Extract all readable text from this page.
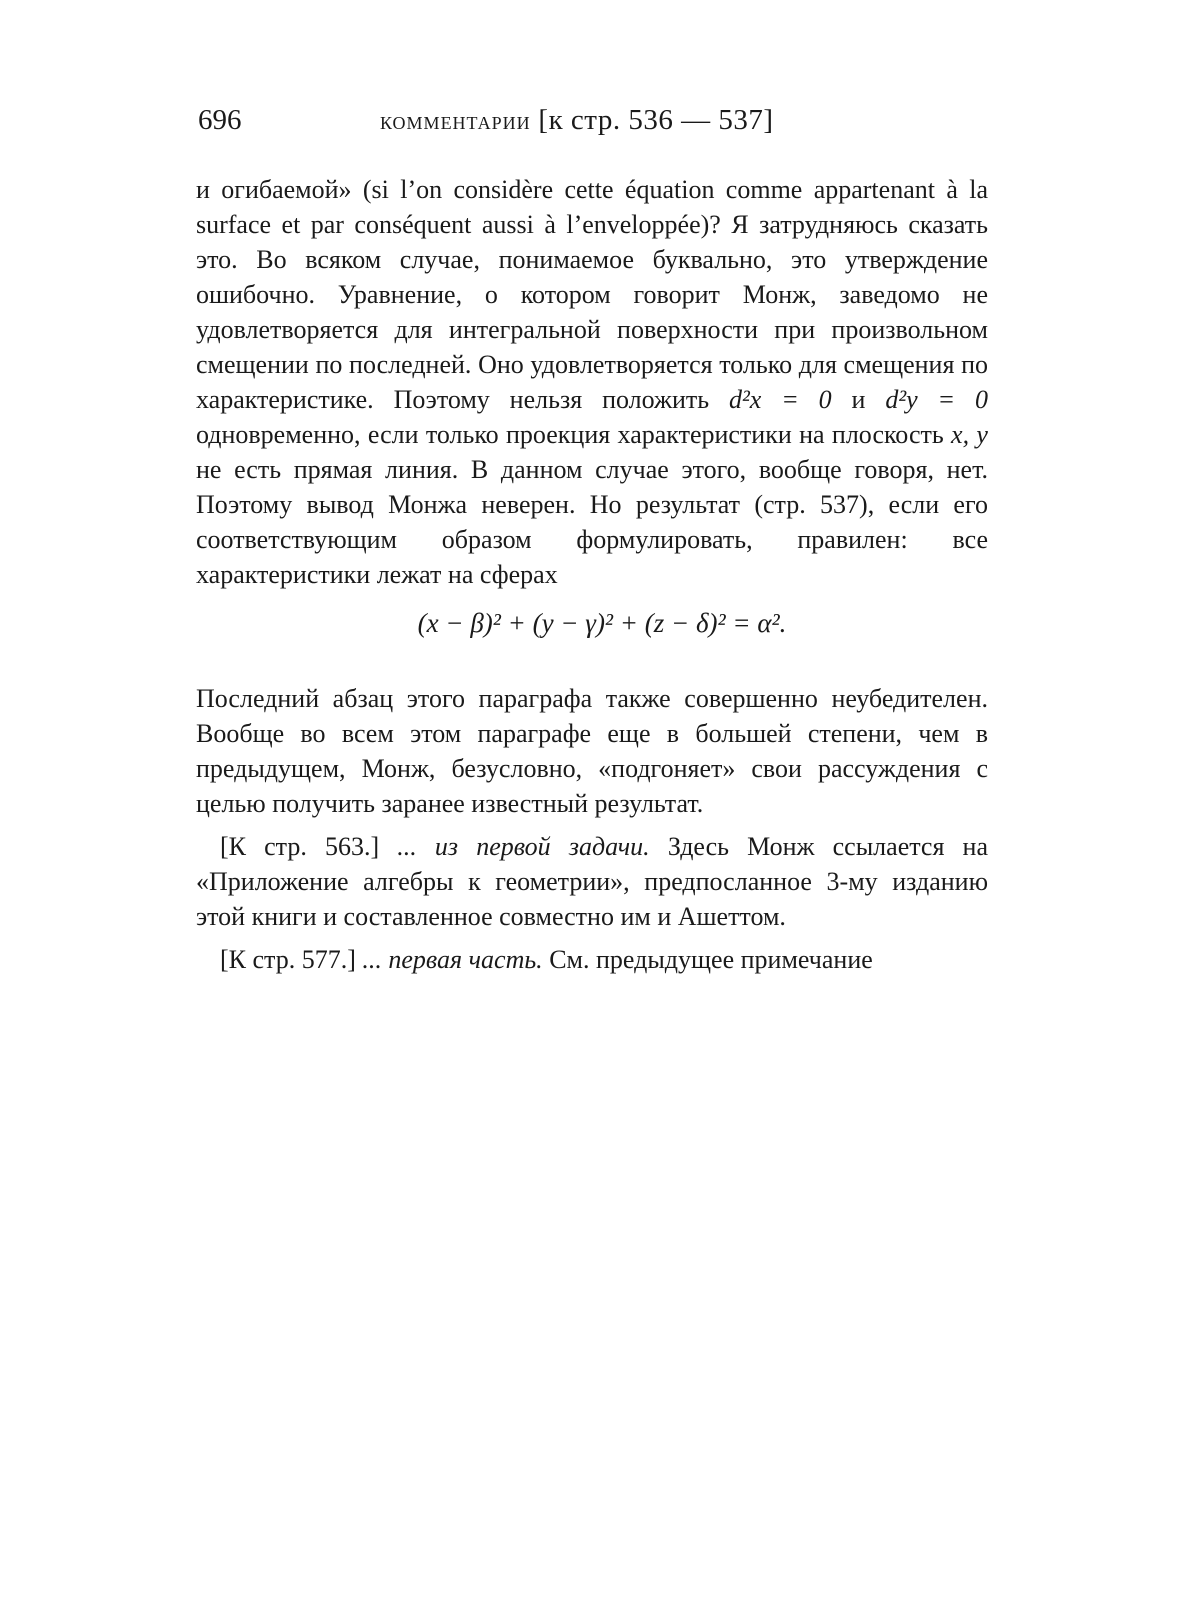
696	комментарии [к стр. 536 — 537]

и огибаемой» (si l’on considère cette équation comme appartenant à la surface et par conséquent aussi à l’enveloppée)? Я затрудняюсь сказать это. Во всяком случае, понимаемое буквально, это утверждение ошибочно. Уравнение, о котором говорит Монж, заведомо не удовлетворяется для интегральной поверхности при произвольном смещении по последней. Оно удовлетворяется только для смещения по характеристике. Поэтому нельзя положить d²x = 0 и d²y = 0 одновременно, если только проекция характеристики на плоскость x, y не есть прямая линия. В данном случае этого, вообще говоря, нет. Поэтому вывод Монжа неверен. Но результат (стр. 537), если его соответствующим образом формулировать, правилен: все характеристики лежат на сферах

(x − β)² + (y − γ)² + (z − δ)² = α².

Последний абзац этого параграфа также совершенно неубедителен. Вообще во всем этом параграфе еще в большей степени, чем в предыдущем, Монж, безусловно, «подгоняет» свои рассуждения с целью получить заранее известный результат.

[К стр. 563.] ... из первой задачи. Здесь Монж ссылается на «Приложение алгебры к геометрии», предпосланное 3-му изданию этой книги и составленное совместно им и Ашеттом.

[К стр. 577.] ... первая часть. См. предыдущее примечание
